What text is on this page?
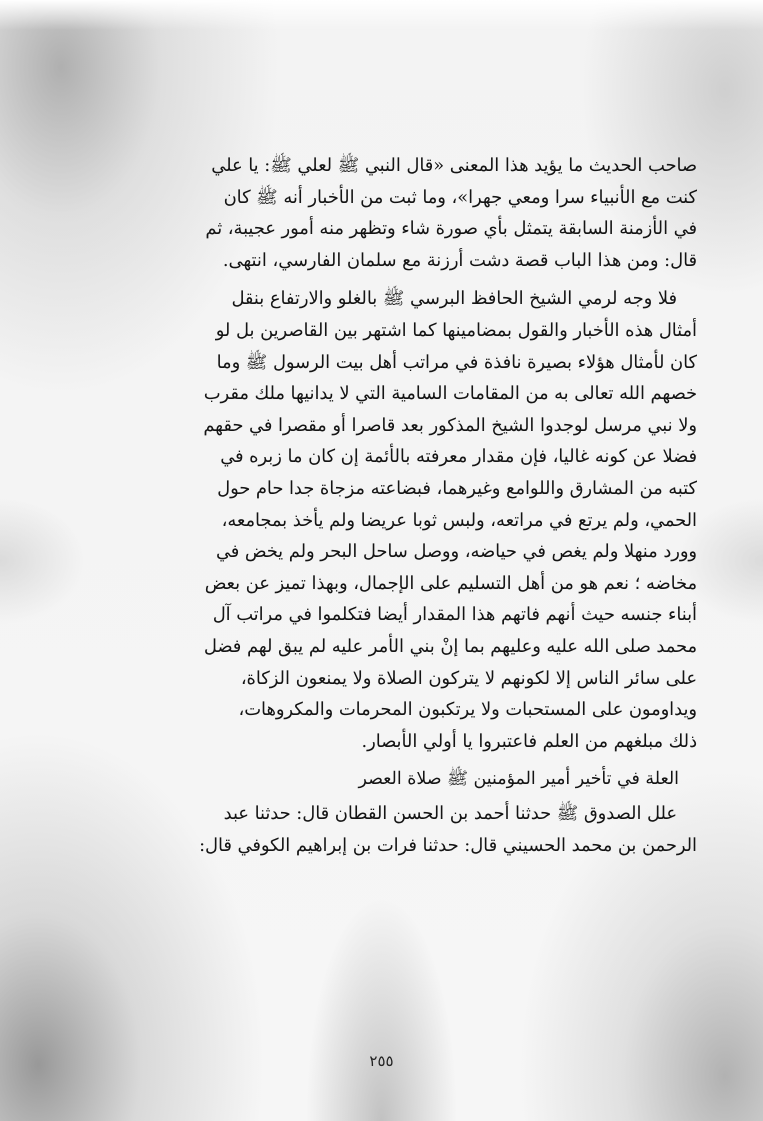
صاحب الحديث ما يؤيد هذا المعنى «قال النبي ﷺ لعلي ﷺ: يا علي
كنت مع الأنبياء سرا ومعي جهرا»، وما ثبت من الأخبار أنه ﷺ كان
في الأزمنة السابقة يتمثل بأي صورة شاء وتظهر منه أمور عجيبة، ثم
قال: ومن هذا الباب قصة دشت أرزنة مع سلمان الفارسي، انتهى.
فلا وجه لرمي الشيخ الحافظ البرسي ﷺ بالغلو والارتفاع بنقل
أمثال هذه الأخبار والقول بمضامينها كما اشتهر بين القاصرين بل لو
كان لأمثال هؤلاء بصيرة نافذة في مراتب أهل بيت الرسول ﷺ وما
خصهم الله تعالى به من المقامات السامية التي لا يدانيها ملك مقرب
ولا نبي مرسل لوجدوا الشيخ المذكور بعد قاصرا أو مقصرا في حقهم
فضلا عن كونه غاليا، فإن مقدار معرفته بالأئمة إن كان ما زبره في
كتبه من المشارق واللوامع وغيرهما، فبضاعته مزجاة جدا حام حول
الحمي، ولم يرتع في مراتعه، ولبس ثوبا عريضا ولم يأخذ بمجامعه،
وورد منهلا ولم يغص في حياضه، ووصل ساحل البحر ولم يخض في
مخاضه ؛ نعم هو من أهل التسليم على الإجمال، وبهذا تميز عن بعض
أبناء جنسه حيث أنهم فاتهم هذا المقدار أيضا فتكلموا في مراتب آل
محمد صلى الله عليه وعليهم بما إنْ بني الأمر عليه لم يبق لهم فضل
على سائر الناس إلا لكونهم لا يتركون الصلاة ولا يمنعون الزكاة،
ويداومون على المستحبات ولا يرتكبون المحرمات والمكروهات،
ذلك مبلغهم من العلم فاعتبروا يا أولي الأبصار.
العلة في تأخير أمير المؤمنين ﷺ صلاة العصر
علل الصدوق ﷺ حدثنا أحمد بن الحسن القطان قال: حدثنا عبد
الرحمن بن محمد الحسيني قال: حدثنا فرات بن إبراهيم الكوفي قال:
٢٥٥
